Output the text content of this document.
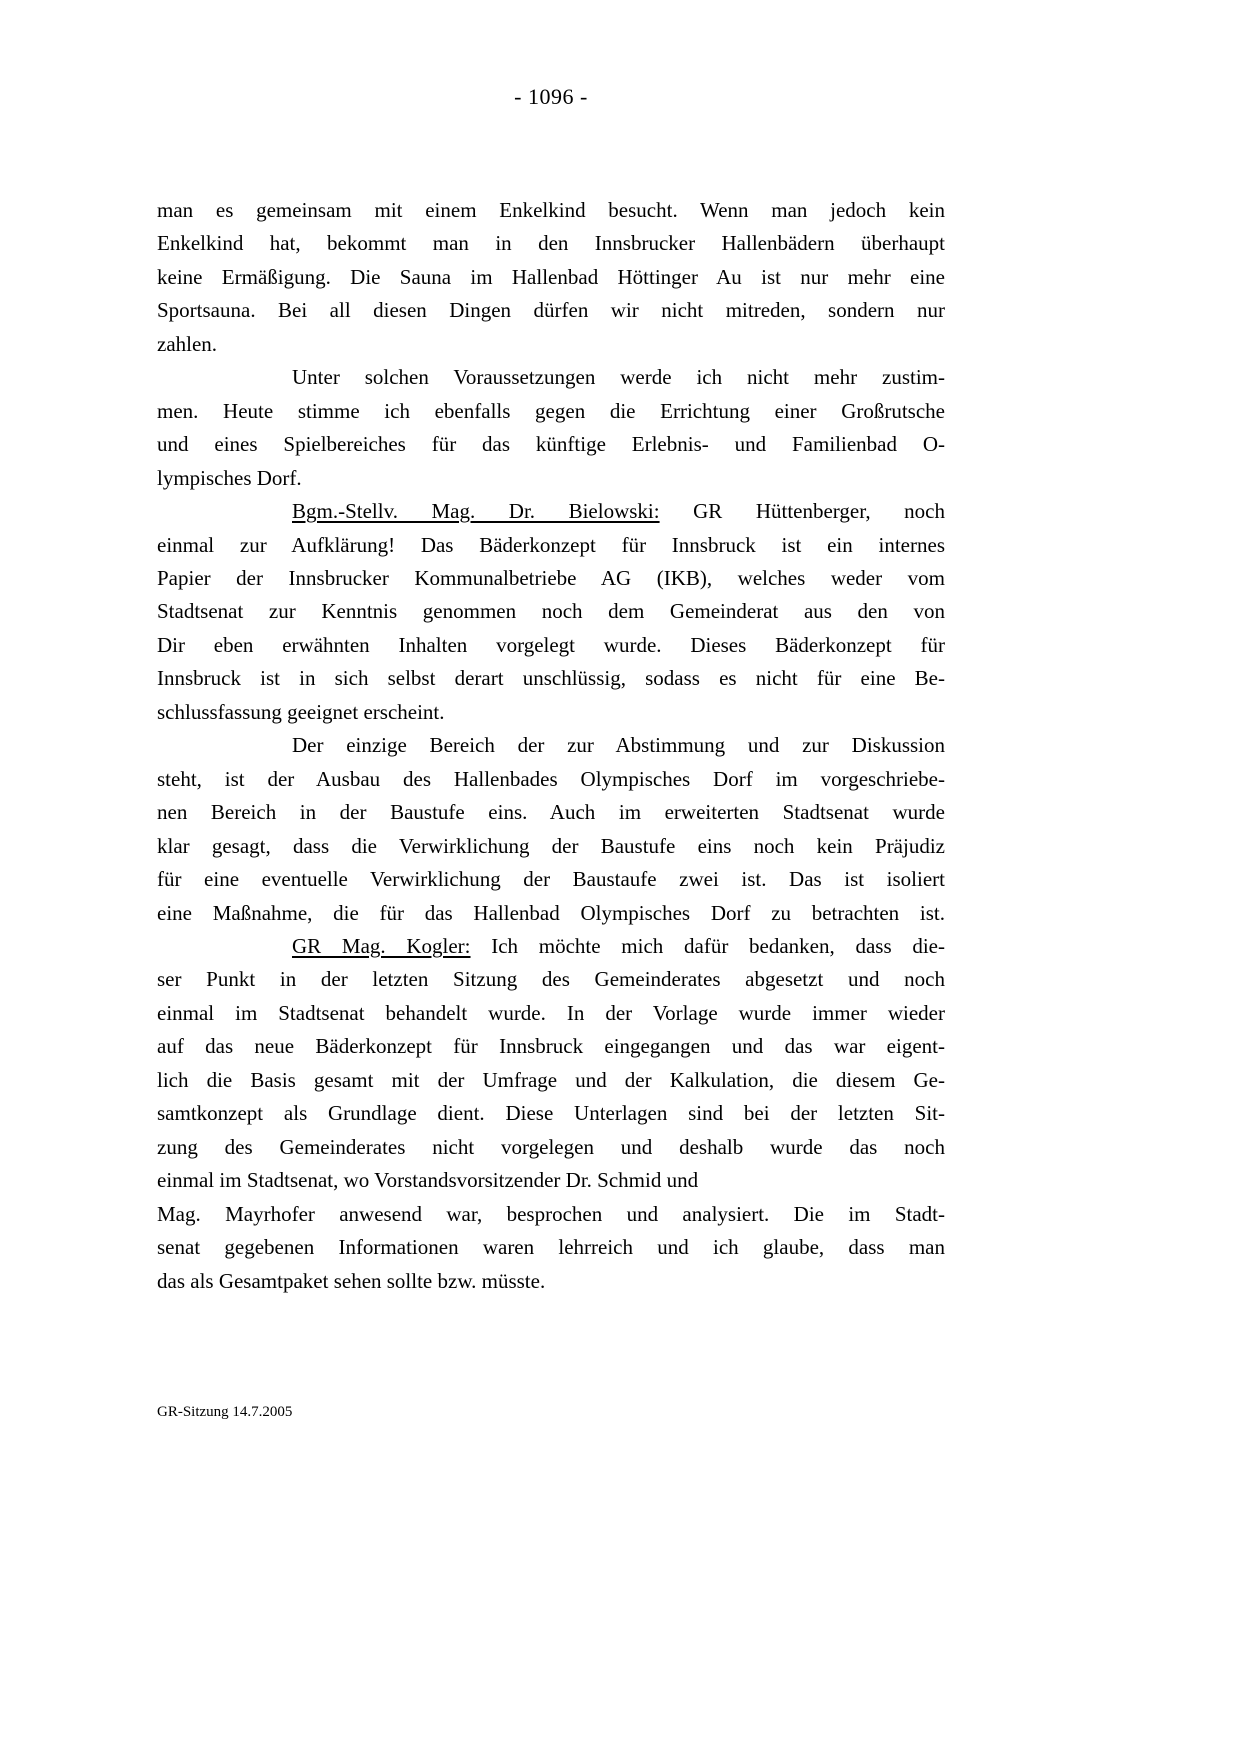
- 1096 -
man es gemeinsam mit einem Enkelkind besucht. Wenn man jedoch kein
Enkelkind hat, bekommt man in den Innsbrucker Hallenbädern überhaupt
keine Ermäßigung. Die Sauna im Hallenbad Höttinger Au ist nur mehr eine
Sportsauna. Bei all diesen Dingen dürfen wir nicht mitreden, sondern nur
zahlen.
Unter solchen Voraussetzungen werde ich nicht mehr zustim-
men. Heute stimme ich ebenfalls gegen die Errichtung einer Großrutsche
und eines Spielbereiches für das künftige Erlebnis- und Familienbad O-
lympisches Dorf.
Bgm.-Stellv. Mag. Dr. Bielowski: GR Hüttenberger, noch
einmal zur Aufklärung! Das Bäderkonzept für Innsbruck ist ein internes
Papier der Innsbrucker Kommunalbetriebe AG (IKB), welches weder vom
Stadtsenat zur Kenntnis genommen noch dem Gemeinderat aus den von
Dir eben erwähnten Inhalten vorgelegt wurde. Dieses Bäderkonzept für
Innsbruck ist in sich selbst derart unschlüssig, sodass es nicht für eine Be-
schlussfassung geeignet erscheint.
Der einzige Bereich der zur Abstimmung und zur Diskussion
steht, ist der Ausbau des Hallenbades Olympisches Dorf im vorgeschriebe-
nen Bereich in der Baustufe eins. Auch im erweiterten Stadtsenat wurde
klar gesagt, dass die Verwirklichung der Baustufe eins noch kein Präjudiz
für eine eventuelle Verwirklichung der Baustaufe zwei ist. Das ist isoliert
eine Maßnahme, die für das Hallenbad Olympisches Dorf zu betrachten ist.
GR Mag. Kogler: Ich möchte mich dafür bedanken, dass die-
ser Punkt in der letzten Sitzung des Gemeinderates abgesetzt und noch
einmal im Stadtsenat behandelt wurde. In der Vorlage wurde immer wieder
auf das neue Bäderkonzept für Innsbruck eingegangen und das war eigent-
lich die Basis gesamt mit der Umfrage und der Kalkulation, die diesem Ge-
samtkonzept als Grundlage dient. Diese Unterlagen sind bei der letzten Sit-
zung des Gemeinderates nicht vorgelegen und deshalb wurde das noch
einmal im Stadtsenat, wo Vorstandsvorsitzender Dr. Schmid und
Mag. Mayrhofer anwesend war, besprochen und analysiert. Die im Stadt-
senat gegebenen Informationen waren lehrreich und ich glaube, dass man
das als Gesamtpaket sehen sollte bzw. müsste.
GR-Sitzung 14.7.2005
